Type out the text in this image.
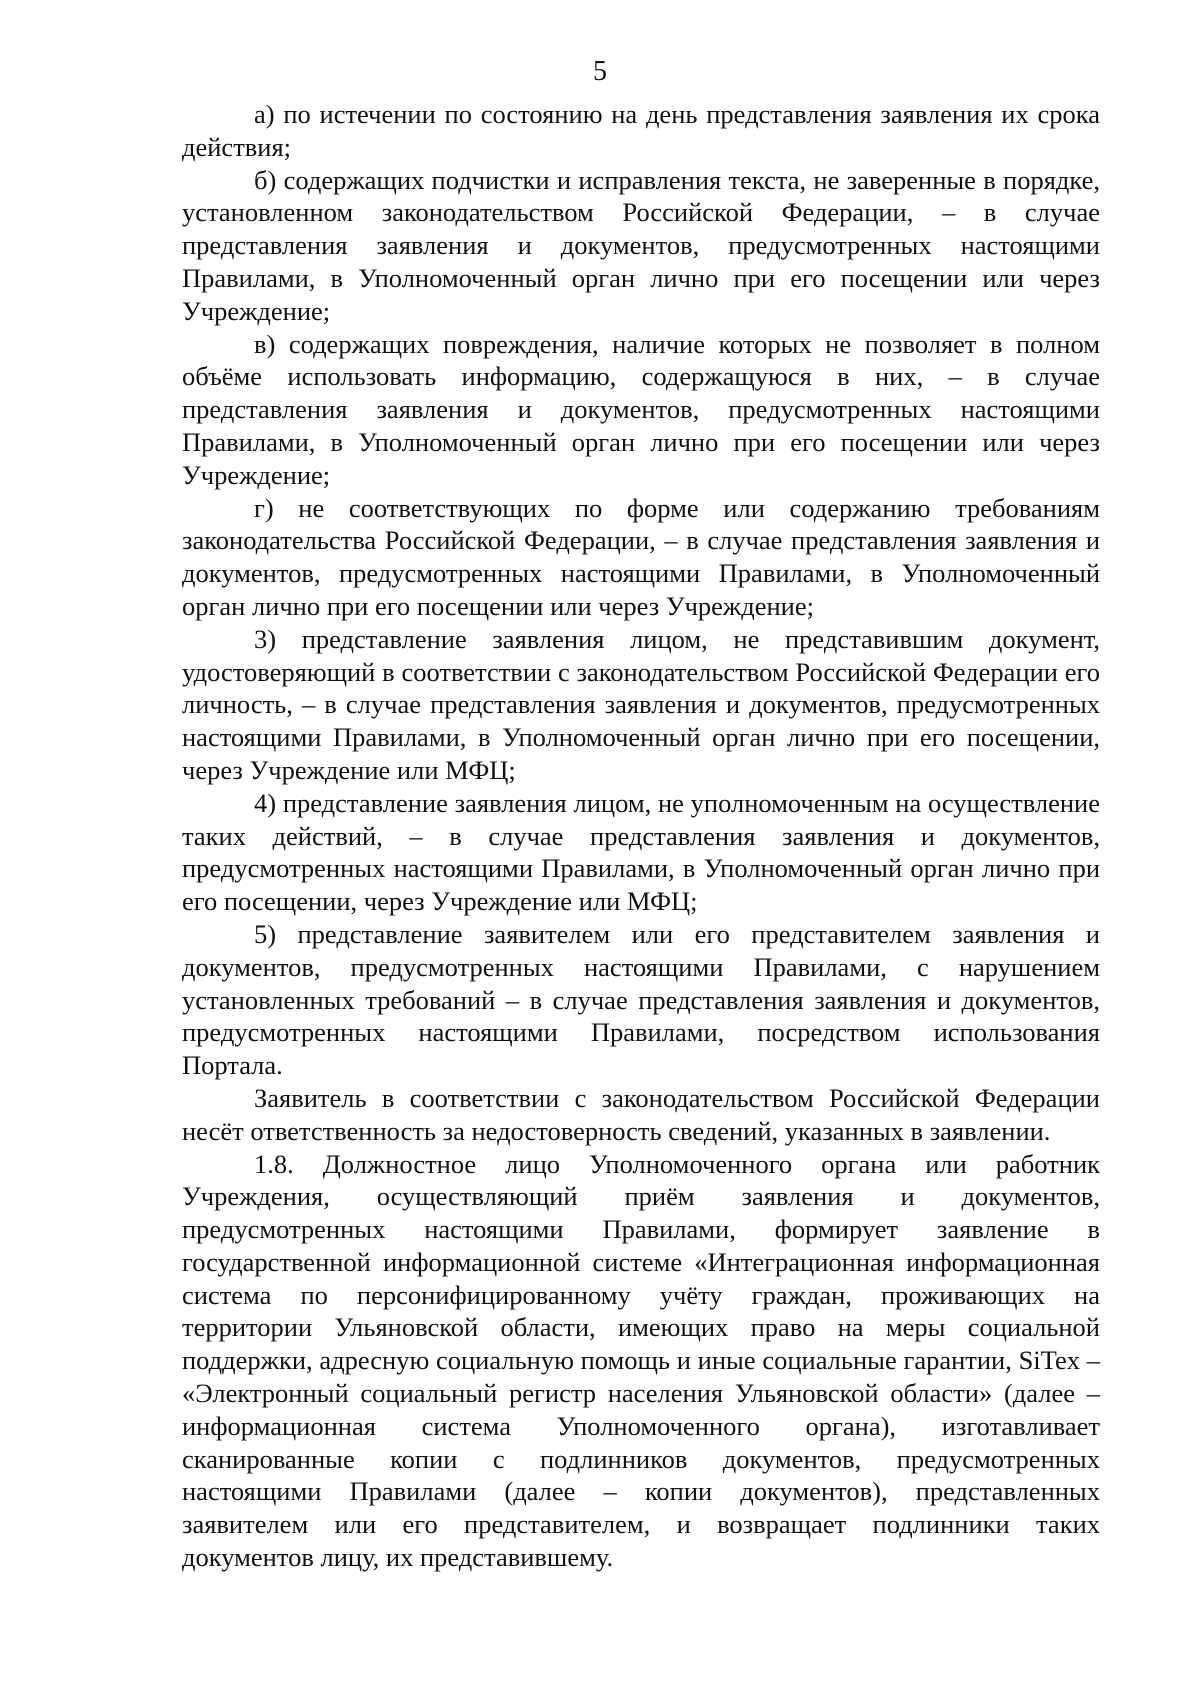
5

а) по истечении по состоянию на день представления заявления их срока действия;

б) содержащих подчистки и исправления текста, не заверенные в порядке, установленном законодательством Российской Федерации, – в случае представления заявления и документов, предусмотренных настоящими Правилами, в Уполномоченный орган лично при его посещении или через Учреждение;

в) содержащих повреждения, наличие которых не позволяет в полном объёме использовать информацию, содержащуюся в них, – в случае представления заявления и документов, предусмотренных настоящими Правилами, в Уполномоченный орган лично при его посещении или через Учреждение;

г) не соответствующих по форме или содержанию требованиям законодательства Российской Федерации, – в случае представления заявления и документов, предусмотренных настоящими Правилами, в Уполномоченный орган лично при его посещении или через Учреждение;

3) представление заявления лицом, не представившим документ, удостоверяющий в соответствии с законодательством Российской Федерации его личность, – в случае представления заявления и документов, предусмотренных настоящими Правилами, в Уполномоченный орган лично при его посещении, через Учреждение или МФЦ;

4) представление заявления лицом, не уполномоченным на осуществление таких действий, – в случае представления заявления и документов, предусмотренных настоящими Правилами, в Уполномоченный орган лично при его посещении, через Учреждение или МФЦ;

5) представление заявителем или его представителем заявления и документов, предусмотренных настоящими Правилами, с нарушением установленных требований – в случае представления заявления и документов, предусмотренных настоящими Правилами, посредством использования Портала.

Заявитель в соответствии с законодательством Российской Федерации несёт ответственность за недостоверность сведений, указанных в заявлении.

1.8. Должностное лицо Уполномоченного органа или работник Учреждения, осуществляющий приём заявления и документов, предусмотренных настоящими Правилами, формирует заявление в государственной информационной системе «Интеграционная информационная система по персонифицированному учёту граждан, проживающих на территории Ульяновской области, имеющих право на меры социальной поддержки, адресную социальную помощь и иные социальные гарантии, SiTex – «Электронный социальный регистр населения Ульяновской области» (далее – информационная система Уполномоченного органа), изготавливает сканированные копии с подлинников документов, предусмотренных настоящими Правилами (далее – копии документов), представленных заявителем или его представителем, и возвращает подлинники таких документов лицу, их представившему.
